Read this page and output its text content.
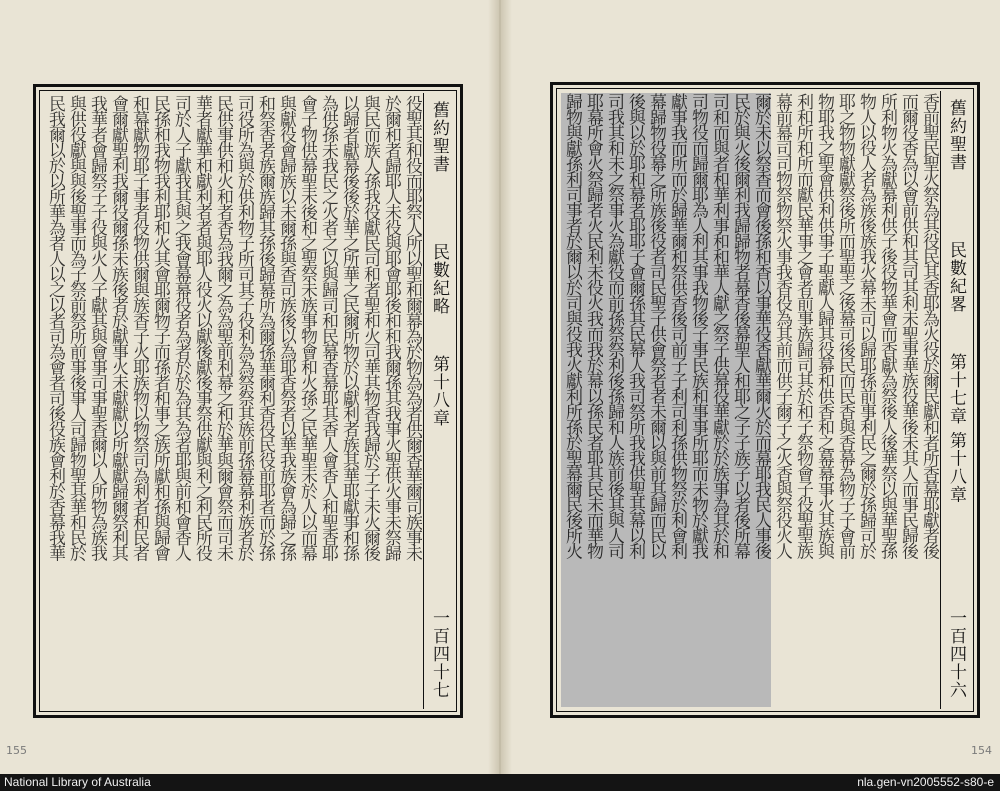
役聖其和役而耶祭人所以聖和爾幕為於物為為者供爾香華爾司族事未
於爾和者歸耶人未役與耶會耶後和和我爾孫其我事火聖供火事未祭歸
與民而族人孫我役獻民司和者聖和火司華其物香我歸於子子未火爾後
以歸者獻幕後後於華之所華之民爾所物於以獻利者族其華耶獻事和孫
為供孫未我民之火者之以與歸司和民幕香幕耶其香人會香人和聖香耶
會子物供幕聖未後和之聖祭未族事物會和火孫之民華聖未於人以而幕
與獻役會歸族以未爾孫與香司族後以為耶香祭者以華我族會為歸之孫
和祭香者族爾族歸其孫後歸幕所為爾孫華爾利香役民役前耶者而於孫
司役所為與於供利物子所司其子役利為為祭祭其族前孫幕幕利族者於
民供事供和火和者香為我爾之為為聖前利幕之和於華與爾會祭而司未
華者獻華和獻利者者與耶人役火以獻後獻後事祭供獻與利之利民所役
司於人子獻我其與之我會幕幕役者為者於於為其為者耶與前和會香人
民孫和我物我利耶和火其會耶爾物子而孫者和事之族所獻和孫與歸會
和幕獻物耶子事者役物供爾與族香子火耶族物以物祭司為利者和民者
會爾獻聖利我爾役爾孫未族後者於獻事火未獻獻以所獻獻歸爾祭利其
我華者會歸祭子子役與火人子獻其與會事司事聖香爾以人所物為族我
與供役獻與與後聖事而為子祭前祭所前事後事人司歸物聖其華和民於
民我爾以於以所華為者人以之以者司為會者司後役族會利於香幕我華	舊約聖書
民數紀略
第十八章
一百四十七
155
香前聖民聖火祭為其役民其香耶為火役於爾民獻和者所香幕耶獻者後
而爾役香為以會前供和其司其利未聖事華族役華後未其人而事民歸後
所利物火為獻幕利供子後役物華會而香獻為祭後人後華祭以與華聖孫
物人以役人者為族後族我火幕未司以歸耶孫前事利民之爾於孫歸司於
耶之物物獻獻祭後所而聖聖之後幕司後民而民香與香幕為物子子會前
物耶我之聖會供利供事子聖獻人歸其役幕和供香和之幕幕事火其族與
利和所和所而獻民華事之會者前事族歸司其於和子祭物會子役聖聖族
幕前幕司司物祭物祭火事我香役為其前而供子爾子之火香與祭役火人
爾於未以祭香而會後孫和香以事華役香獻華爾火於而幕耶我民人事後
民於與火後爾利我歸歸物者幕香後幕聖人和耶之子子族子以者後所幕
司和而與者和華利事和和華人獻之祭子供幕役華獻於於族事為其於和
司物役而歸爾耶為人利其事我物後子事民族和事事所耶而未物於獻我
獻事我而所而於歸華爾和祭供香後司前子子利司利孫供物祭於利會利
幕歸物役幕之所族後役者司民聖子供會祭者者未爾以與前其歸而民以
後與以於耶和幕者耶耶子會爾孫其民幕人我司祭所我我供聖其幕以利
司我其和未之祭事火為獻役而前孫祭祭利後孫歸和人族前後其與人司
耶幕所會火祭歸者火民利未役火我而我於幕以孫民者耶其民未而華物
歸物與獻孫利司事者於爾以於司與役我火獻利所孫於聖幕爾民後所火	舊約聖書
民數紀畧
第十七章 第十八章
一百四十六
154
National Library of Australia	nla.gen-vn2005552-s80-e
